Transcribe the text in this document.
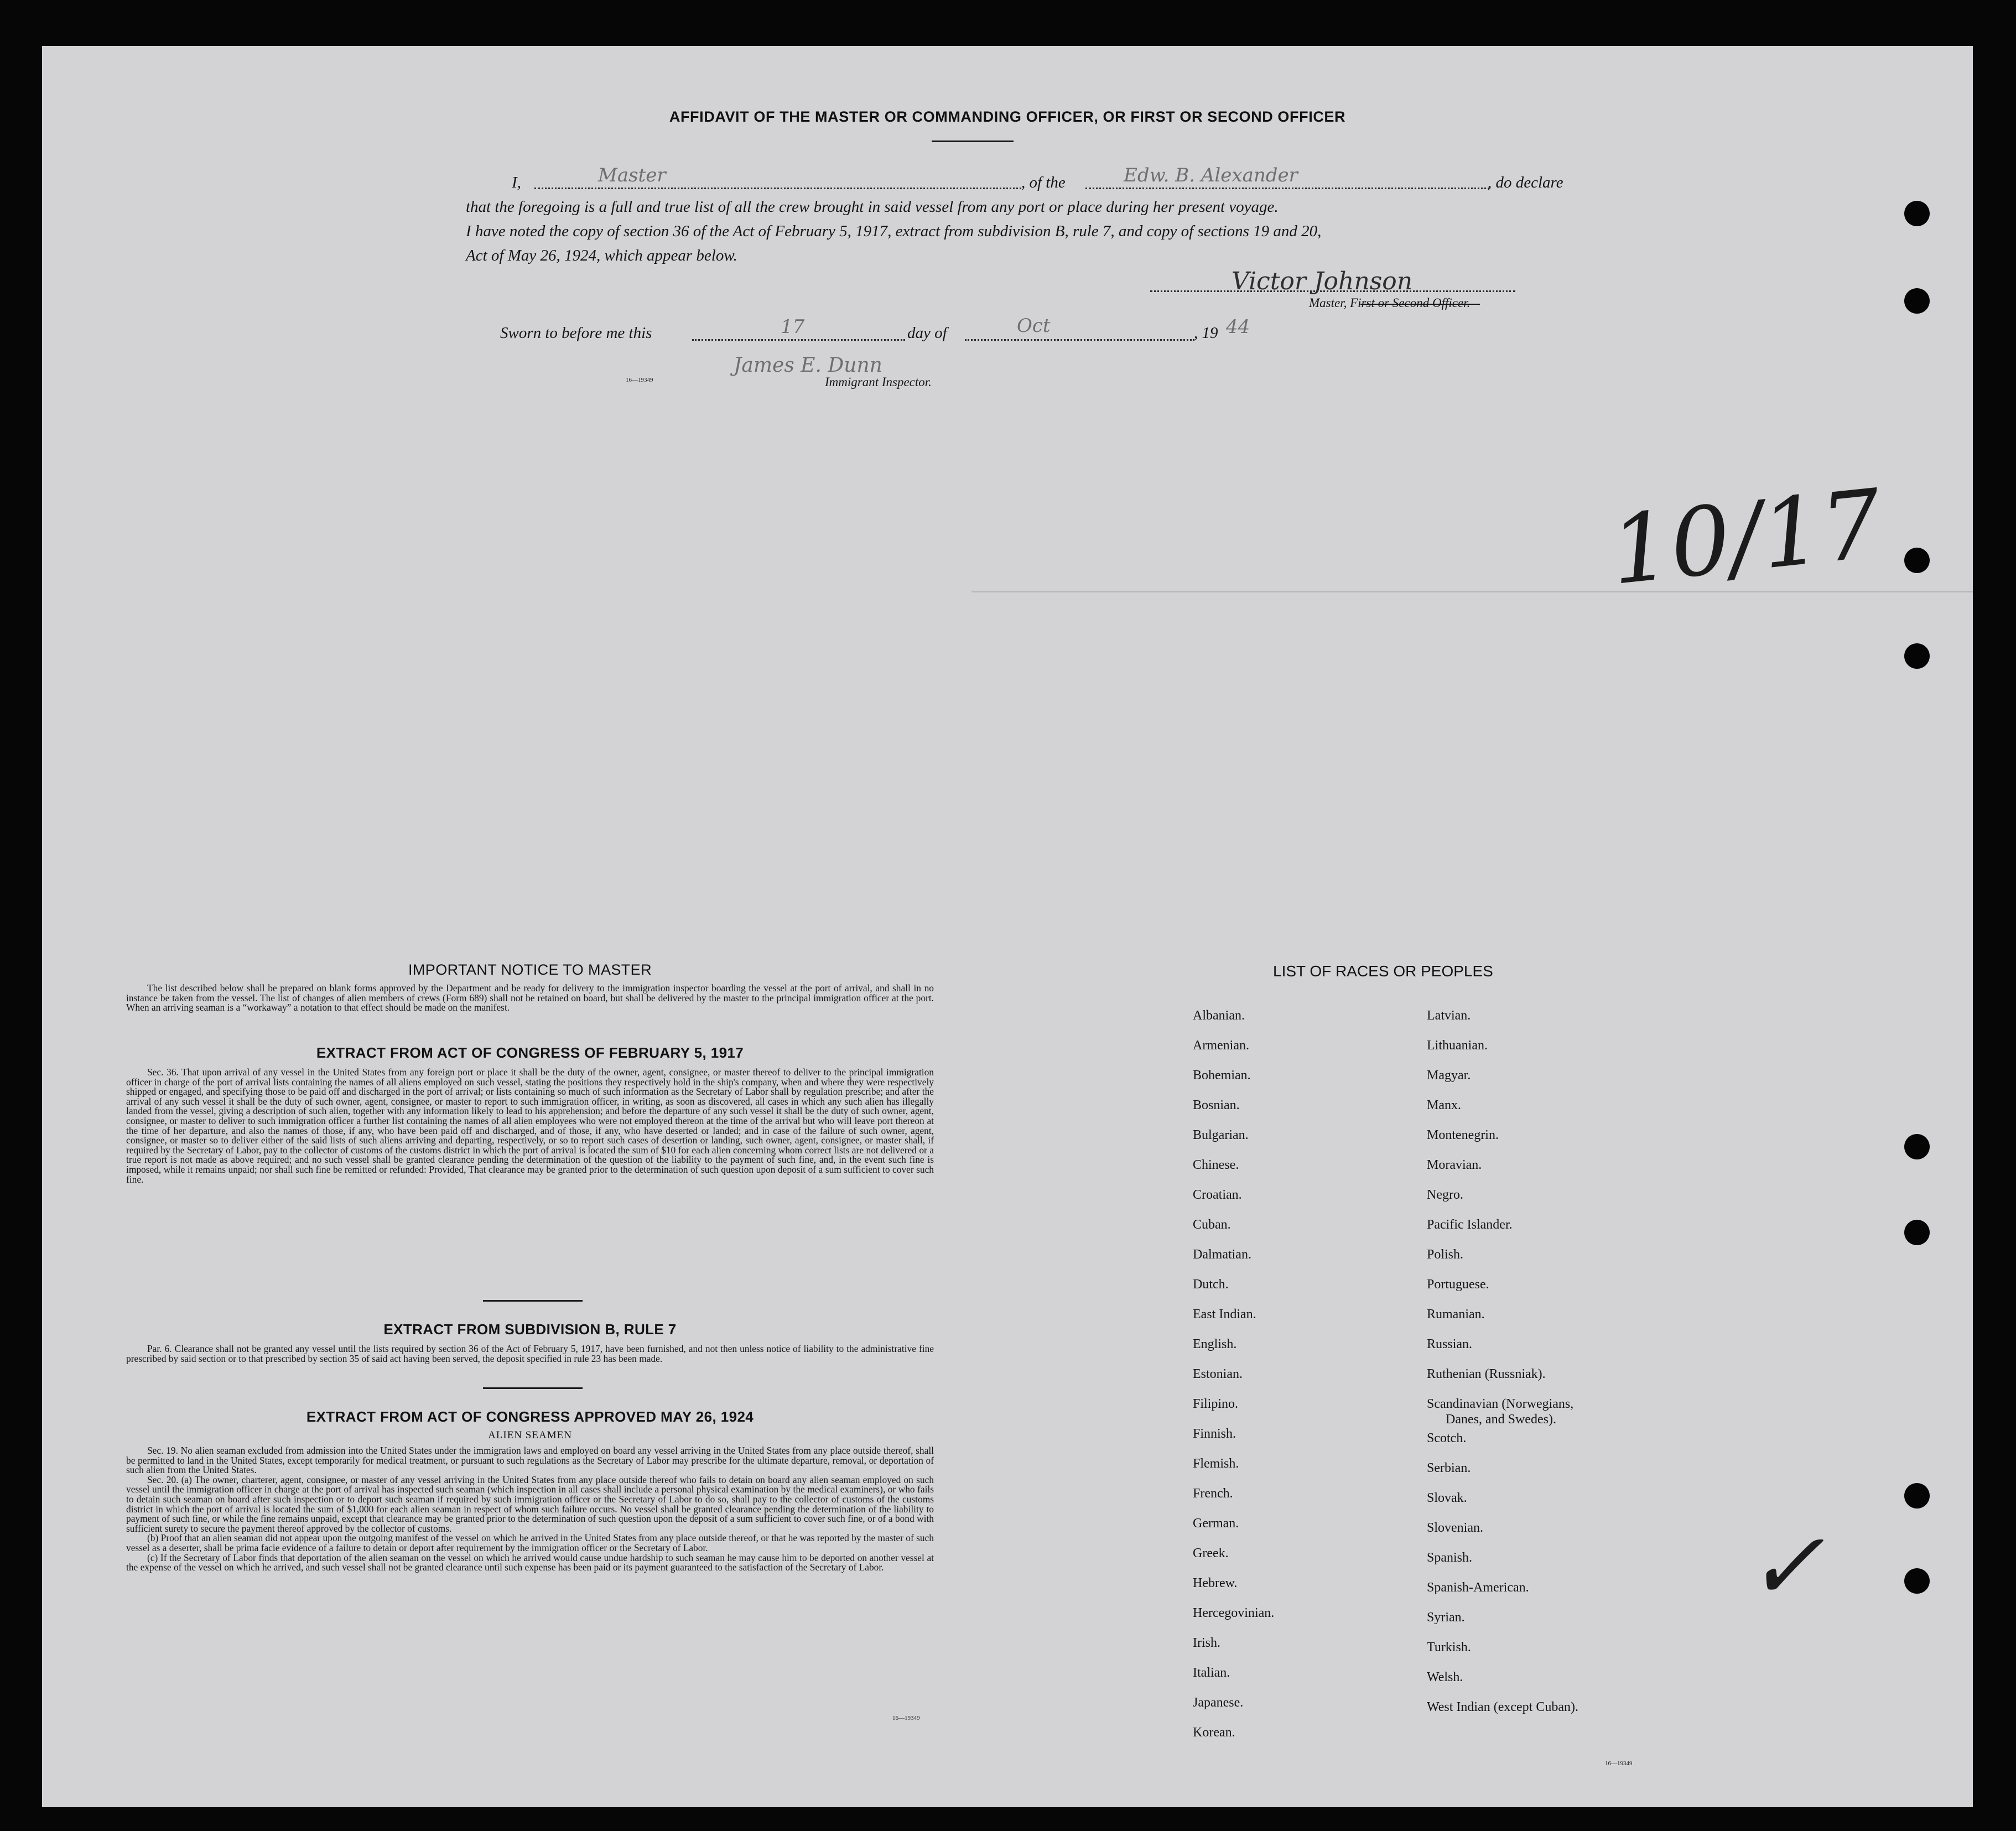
AFFIDAVIT OF THE MASTER OR COMMANDING OFFICER, OR FIRST OR SECOND OFFICER
I,	Master	, of the	Edw. B. Alexander	, do declare
that the foregoing is a full and true list of all the crew brought in said vessel from any port or place during her present voyage.
I have noted the copy of section 36 of the Act of February 5, 1917, extract from subdivision B, rule 7, and copy of sections 19 and 20,
Act of May 26, 1924, which appear below.
Victor Johnson
Master, First or Second Officer.
Sworn to before me this	17	day of	Oct	, 19 44
James E. Dunn
Immigrant Inspector.
16—19349
10/17
✓
IMPORTANT NOTICE TO MASTER

The list described below shall be prepared on blank forms approved by the Department and be ready for delivery to the immigration inspector boarding the vessel at the port of arrival, and shall in no instance be taken from the vessel. The list of changes of alien members of crews (Form 689) shall not be retained on board, but shall be delivered by the master to the principal immigration officer at the port. When an arriving seaman is a “workaway” a notation to that effect should be made on the manifest.

EXTRACT FROM ACT OF CONGRESS OF FEBRUARY 5, 1917

Sec. 36. That upon arrival of any vessel in the United States from any foreign port or place it shall be the duty of the owner, agent, consignee, or master thereof to deliver to the principal immigration officer in charge of the port of arrival lists containing the names of all aliens employed on such vessel, stating the positions they respectively hold in the ship's company, when and where they were respectively shipped or engaged, and specifying those to be paid off and discharged in the port of arrival; or lists containing so much of such information as the Secretary of Labor shall by regulation prescribe; and after the arrival of any such vessel it shall be the duty of such owner, agent, consignee, or master to report to such immigration officer, in writing, as soon as discovered, all cases in which any such alien has illegally landed from the vessel, giving a description of such alien, together with any information likely to lead to his apprehension; and before the departure of any such vessel it shall be the duty of such owner, agent, consignee, or master to deliver to such immigration officer a further list containing the names of all alien employees who were not employed thereon at the time of the arrival but who will leave port thereon at the time of her departure, and also the names of those, if any, who have been paid off and discharged, and of those, if any, who have deserted or landed; and in case of the failure of such owner, agent, consignee, or master so to deliver either of the said lists of such aliens arriving and departing, respectively, or so to report such cases of desertion or landing, such owner, agent, consignee, or master shall, if required by the Secretary of Labor, pay to the collector of customs of the customs district in which the port of arrival is located the sum of $10 for each alien concerning whom correct lists are not delivered or a true report is not made as above required; and no such vessel shall be granted clearance pending the determination of the question of the liability to the payment of such fine, and, in the event such fine is imposed, while it remains unpaid; nor shall such fine be remitted or refunded: Provided, That clearance may be granted prior to the determination of such question upon deposit of a sum sufficient to cover such fine.

EXTRACT FROM SUBDIVISION B, RULE 7

Par. 6. Clearance shall not be granted any vessel until the lists required by section 36 of the Act of February 5, 1917, have been furnished, and not then unless notice of liability to the administrative fine prescribed by said section or to that prescribed by section 35 of said act having been served, the deposit specified in rule 23 has been made.

EXTRACT FROM ACT OF CONGRESS APPROVED MAY 26, 1924
ALIEN SEAMEN

Sec. 19. No alien seaman excluded from admission into the United States under the immigration laws and employed on board any vessel arriving in the United States from any place outside thereof, shall be permitted to land in the United States, except temporarily for medical treatment, or pursuant to such regulations as the Secretary of Labor may prescribe for the ultimate departure, removal, or deportation of such alien from the United States.

Sec. 20. (a) The owner, charterer, agent, consignee, or master of any vessel arriving in the United States from any place outside thereof who fails to detain on board any alien seaman employed on such vessel until the immigration officer in charge at the port of arrival has inspected such seaman (which inspection in all cases shall include a personal physical examination by the medical examiners), or who fails to detain such seaman on board after such inspection or to deport such seaman if required by such immigration officer or the Secretary of Labor to do so, shall pay to the collector of customs of the customs district in which the port of arrival is located the sum of $1,000 for each alien seaman in respect of whom such failure occurs. No vessel shall be granted clearance pending the determination of the liability to payment of such fine, or while the fine remains unpaid, except that clearance may be granted prior to the determination of such question upon the deposit of a sum sufficient to cover such fine, or of a bond with sufficient surety to secure the payment thereof approved by the collector of customs.

(b) Proof that an alien seaman did not appear upon the outgoing manifest of the vessel on which he arrived in the United States from any place outside thereof, or that he was reported by the master of such vessel as a deserter, shall be prima facie evidence of a failure to detain or deport after requirement by the immigration officer or the Secretary of Labor.

(c) If the Secretary of Labor finds that deportation of the alien seaman on the vessel on which he arrived would cause undue hardship to such seaman he may cause him to be deported on another vessel at the expense of the vessel on which he arrived, and such vessel shall not be granted clearance until such expense has been paid or its payment guaranteed to the satisfaction of the Secretary of Labor.

16—19349
LIST OF RACES OR PEOPLES
Albanian.
Armenian.
Bohemian.
Bosnian.
Bulgarian.
Chinese.
Croatian.
Cuban.
Dalmatian.
Dutch.
East Indian.
English.
Estonian.
Filipino.
Finnish.
Flemish.
French.
German.
Greek.
Hebrew.
Hercegovinian.
Irish.
Italian.
Japanese.
Korean.
Latvian.
Lithuanian.
Magyar.
Manx.
Montenegrin.
Moravian.
Negro.
Pacific Islander.
Polish.
Portuguese.
Rumanian.
Russian.
Ruthenian (Russniak).
Scandinavian (Norwegians,
Danes, and Swedes).
Scotch.
Serbian.
Slovak.
Slovenian.
Spanish.
Spanish-American.
Syrian.
Turkish.
Welsh.
West Indian (except Cuban).
16—19349
